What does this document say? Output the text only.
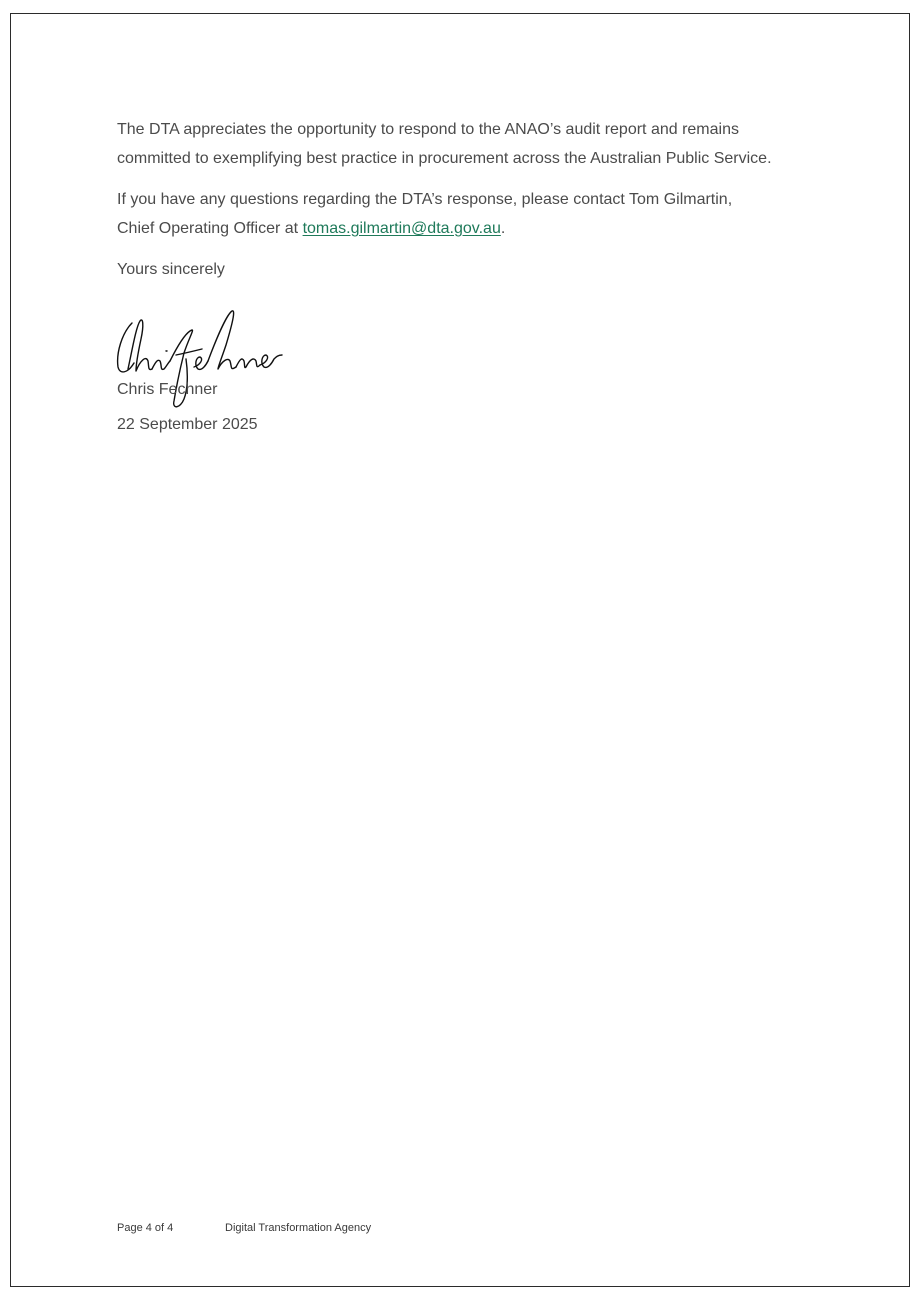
The DTA appreciates the opportunity to respond to the ANAO’s audit report and remains
committed to exemplifying best practice in procurement across the Australian Public Service.

If you have any questions regarding the DTA’s response, please contact Tom Gilmartin,
Chief Operating Officer at tomas.gilmartin@dta.gov.au.

Yours sincerely

Chris Fechner
22 September 2025
Page 4 of 4	Digital Transformation Agency
